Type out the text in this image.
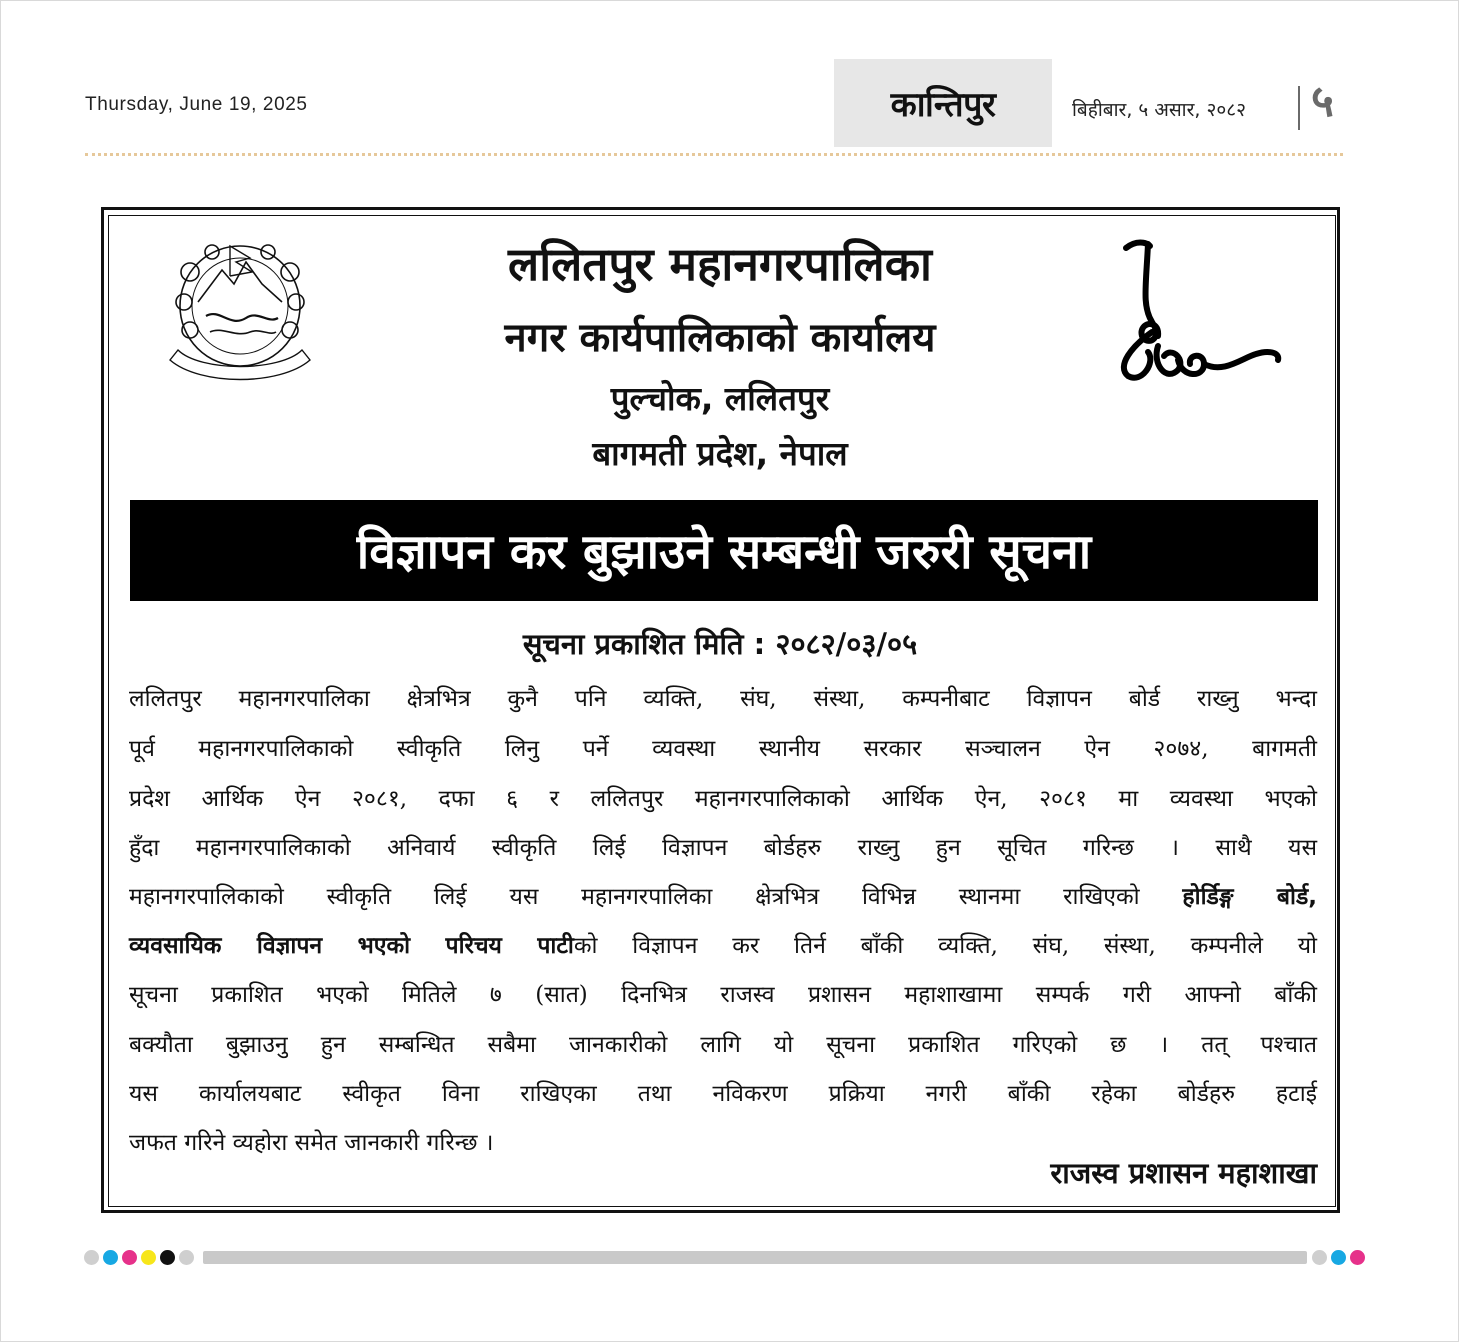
Thursday, June 19, 2025	कान्तिपुर	बिहीबार, ५ असार, २०८२ ५
ललितपुर महानगरपालिका
नगर कार्यपालिकाको कार्यालय
पुल्चोक, ललितपुर
बागमती प्रदेश, नेपाल
विज्ञापन कर बुझाउने सम्बन्धी जरुरी सूचना
सूचना प्रकाशित मिति : २०८२/०३/०५
ललितपुर महानगरपालिका क्षेत्रभित्र कुनै पनि व्यक्ति, संघ, संस्था, कम्पनीबाट विज्ञापन बोर्ड राख्नु भन्दा
पूर्व महानगरपालिकाको स्वीकृति लिनु पर्ने व्यवस्था स्थानीय सरकार सञ्चालन ऐन २०७४, बागमती
प्रदेश आर्थिक ऐन २०८१, दफा ६ र ललितपुर महानगरपालिकाको आर्थिक ऐन, २०८१ मा व्यवस्था भएको
हुँदा महानगरपालिकाको अनिवार्य स्वीकृति लिई विज्ञापन बोर्डहरु राख्नु हुन सूचित गरिन्छ । साथै यस
महानगरपालिकाको स्वीकृति लिई यस महानगरपालिका क्षेत्रभित्र विभिन्न स्थानमा राखिएको होर्डिङ्ग बोर्ड,
व्यवसायिक विज्ञापन भएको परिचय पाटीको विज्ञापन कर तिर्न बाँकी व्यक्ति, संघ, संस्था, कम्पनीले यो
सूचना प्रकाशित भएको मितिले ७ (सात) दिनभित्र राजस्व प्रशासन महाशाखामा सम्पर्क गरी आफ्नो बाँकी
बक्यौता बुझाउनु हुन सम्बन्धित सबैमा जानकारीको लागि यो सूचना प्रकाशित गरिएको छ । तत् पश्चात
यस कार्यालयबाट स्वीकृत विना राखिएका तथा नविकरण प्रक्रिया नगरी बाँकी रहेका बोर्डहरु हटाई
जफत गरिने व्यहोरा समेत जानकारी गरिन्छ ।
राजस्व प्रशासन महाशाखा
